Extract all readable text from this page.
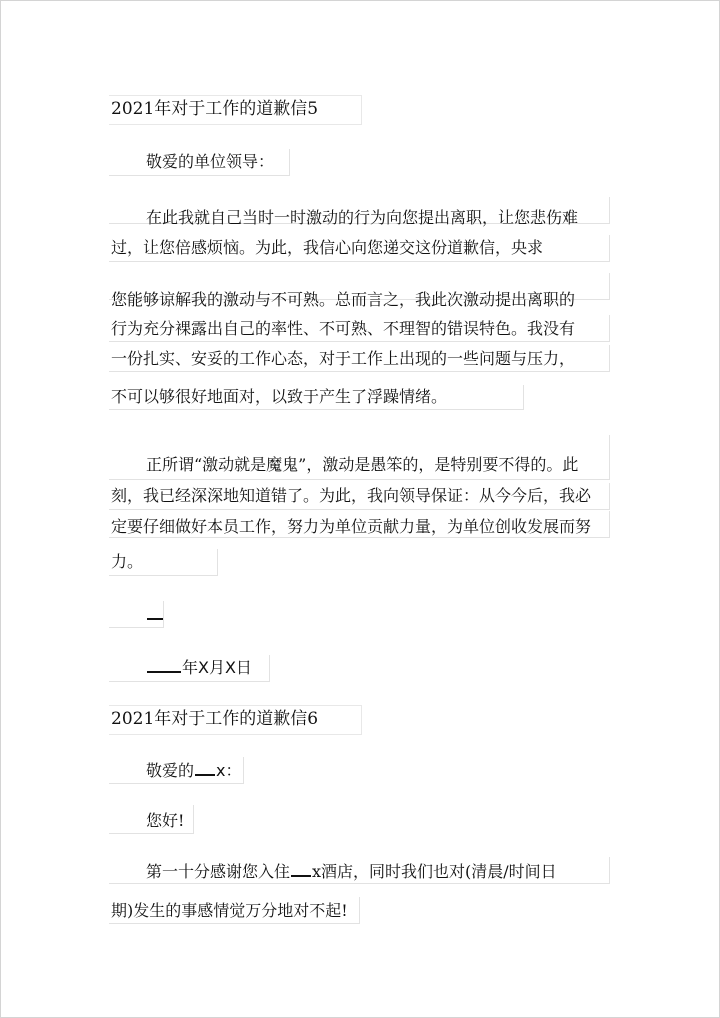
2021年对于工作的道歉信5
敬爱的单位领导：
在此我就自己当时一时激动的行为向您提出离职，让您悲伤难
过，让您倍感烦恼。为此，我信心向您递交这份道歉信，央求
您能够谅解我的激动与不可熟。总而言之，我此次激动提出离职的
行为充分裸露出自己的率性、不可熟、不理智的错误特色。我没有
一份扎实、安妥的工作心态，对于工作上出现的一些问题与压力，
不可以够很好地面对，以致于产生了浮躁情绪。
正所谓“激动就是魔鬼”，激动是愚笨的，是特别要不得的。此
刻，我已经深深地知道错了。为此，我向领导保证：从今今后，我必
定要仔细做好本员工作，努力为单位贡献力量，为单位创收发展而努
力。
年X月X日
2021年对于工作的道歉信6
敬爱的 x：
您好!
第一十分感谢您入住 x酒店，同时我们也对(清晨/时间日
期)发生的事感情觉万分地对不起!
